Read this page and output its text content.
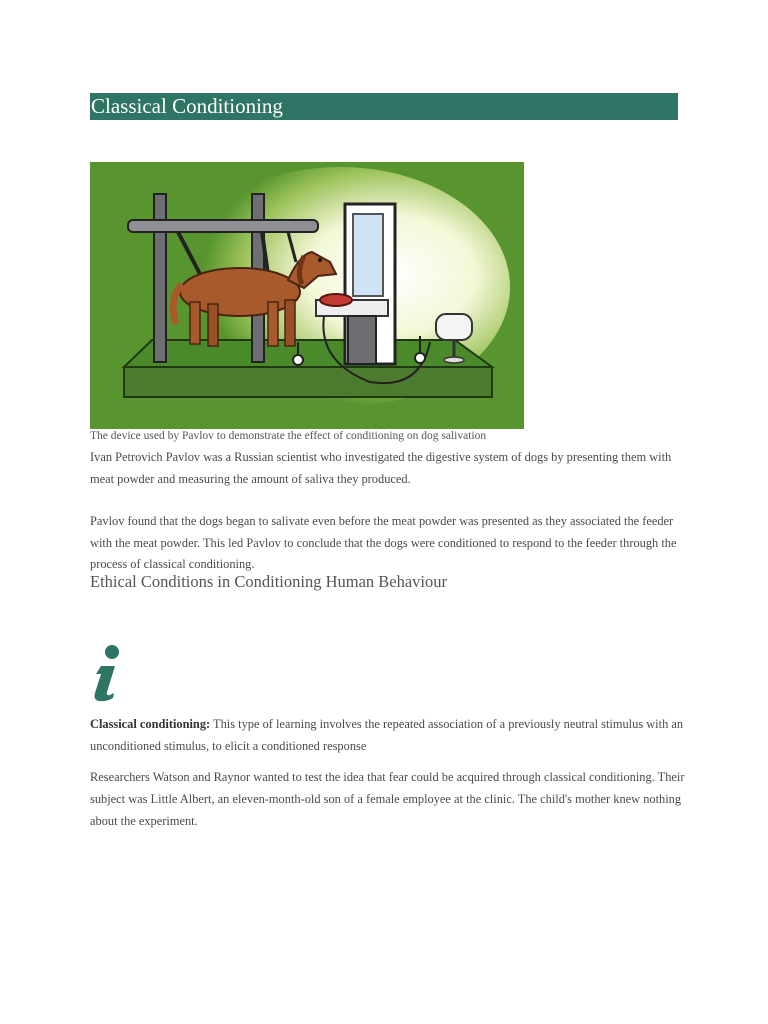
Classical Conditioning
The device used by Pavlov to demonstrate the effect of conditioning on dog salivation
Ivan Petrovich Pavlov was a Russian scientist who investigated the digestive system of dogs by presenting them with meat powder and measuring the amount of saliva they produced.
Pavlov found that the dogs began to salivate even before the meat powder was presented as they associated the feeder with the meat powder. This led Pavlov to conclude that the dogs were conditioned to respond to the feeder through the process of classical conditioning.
Ethical Conditions in Conditioning Human Behaviour
Classical conditioning: This type of learning involves the repeated association of a previously neutral stimulus with an unconditioned stimulus, to elicit a conditioned response
Researchers Watson and Raynor wanted to test the idea that fear could be acquired through classical conditioning. Their subject was Little Albert, an eleven-month-old son of a female employee at the clinic. The child's mother knew nothing about the experiment.
